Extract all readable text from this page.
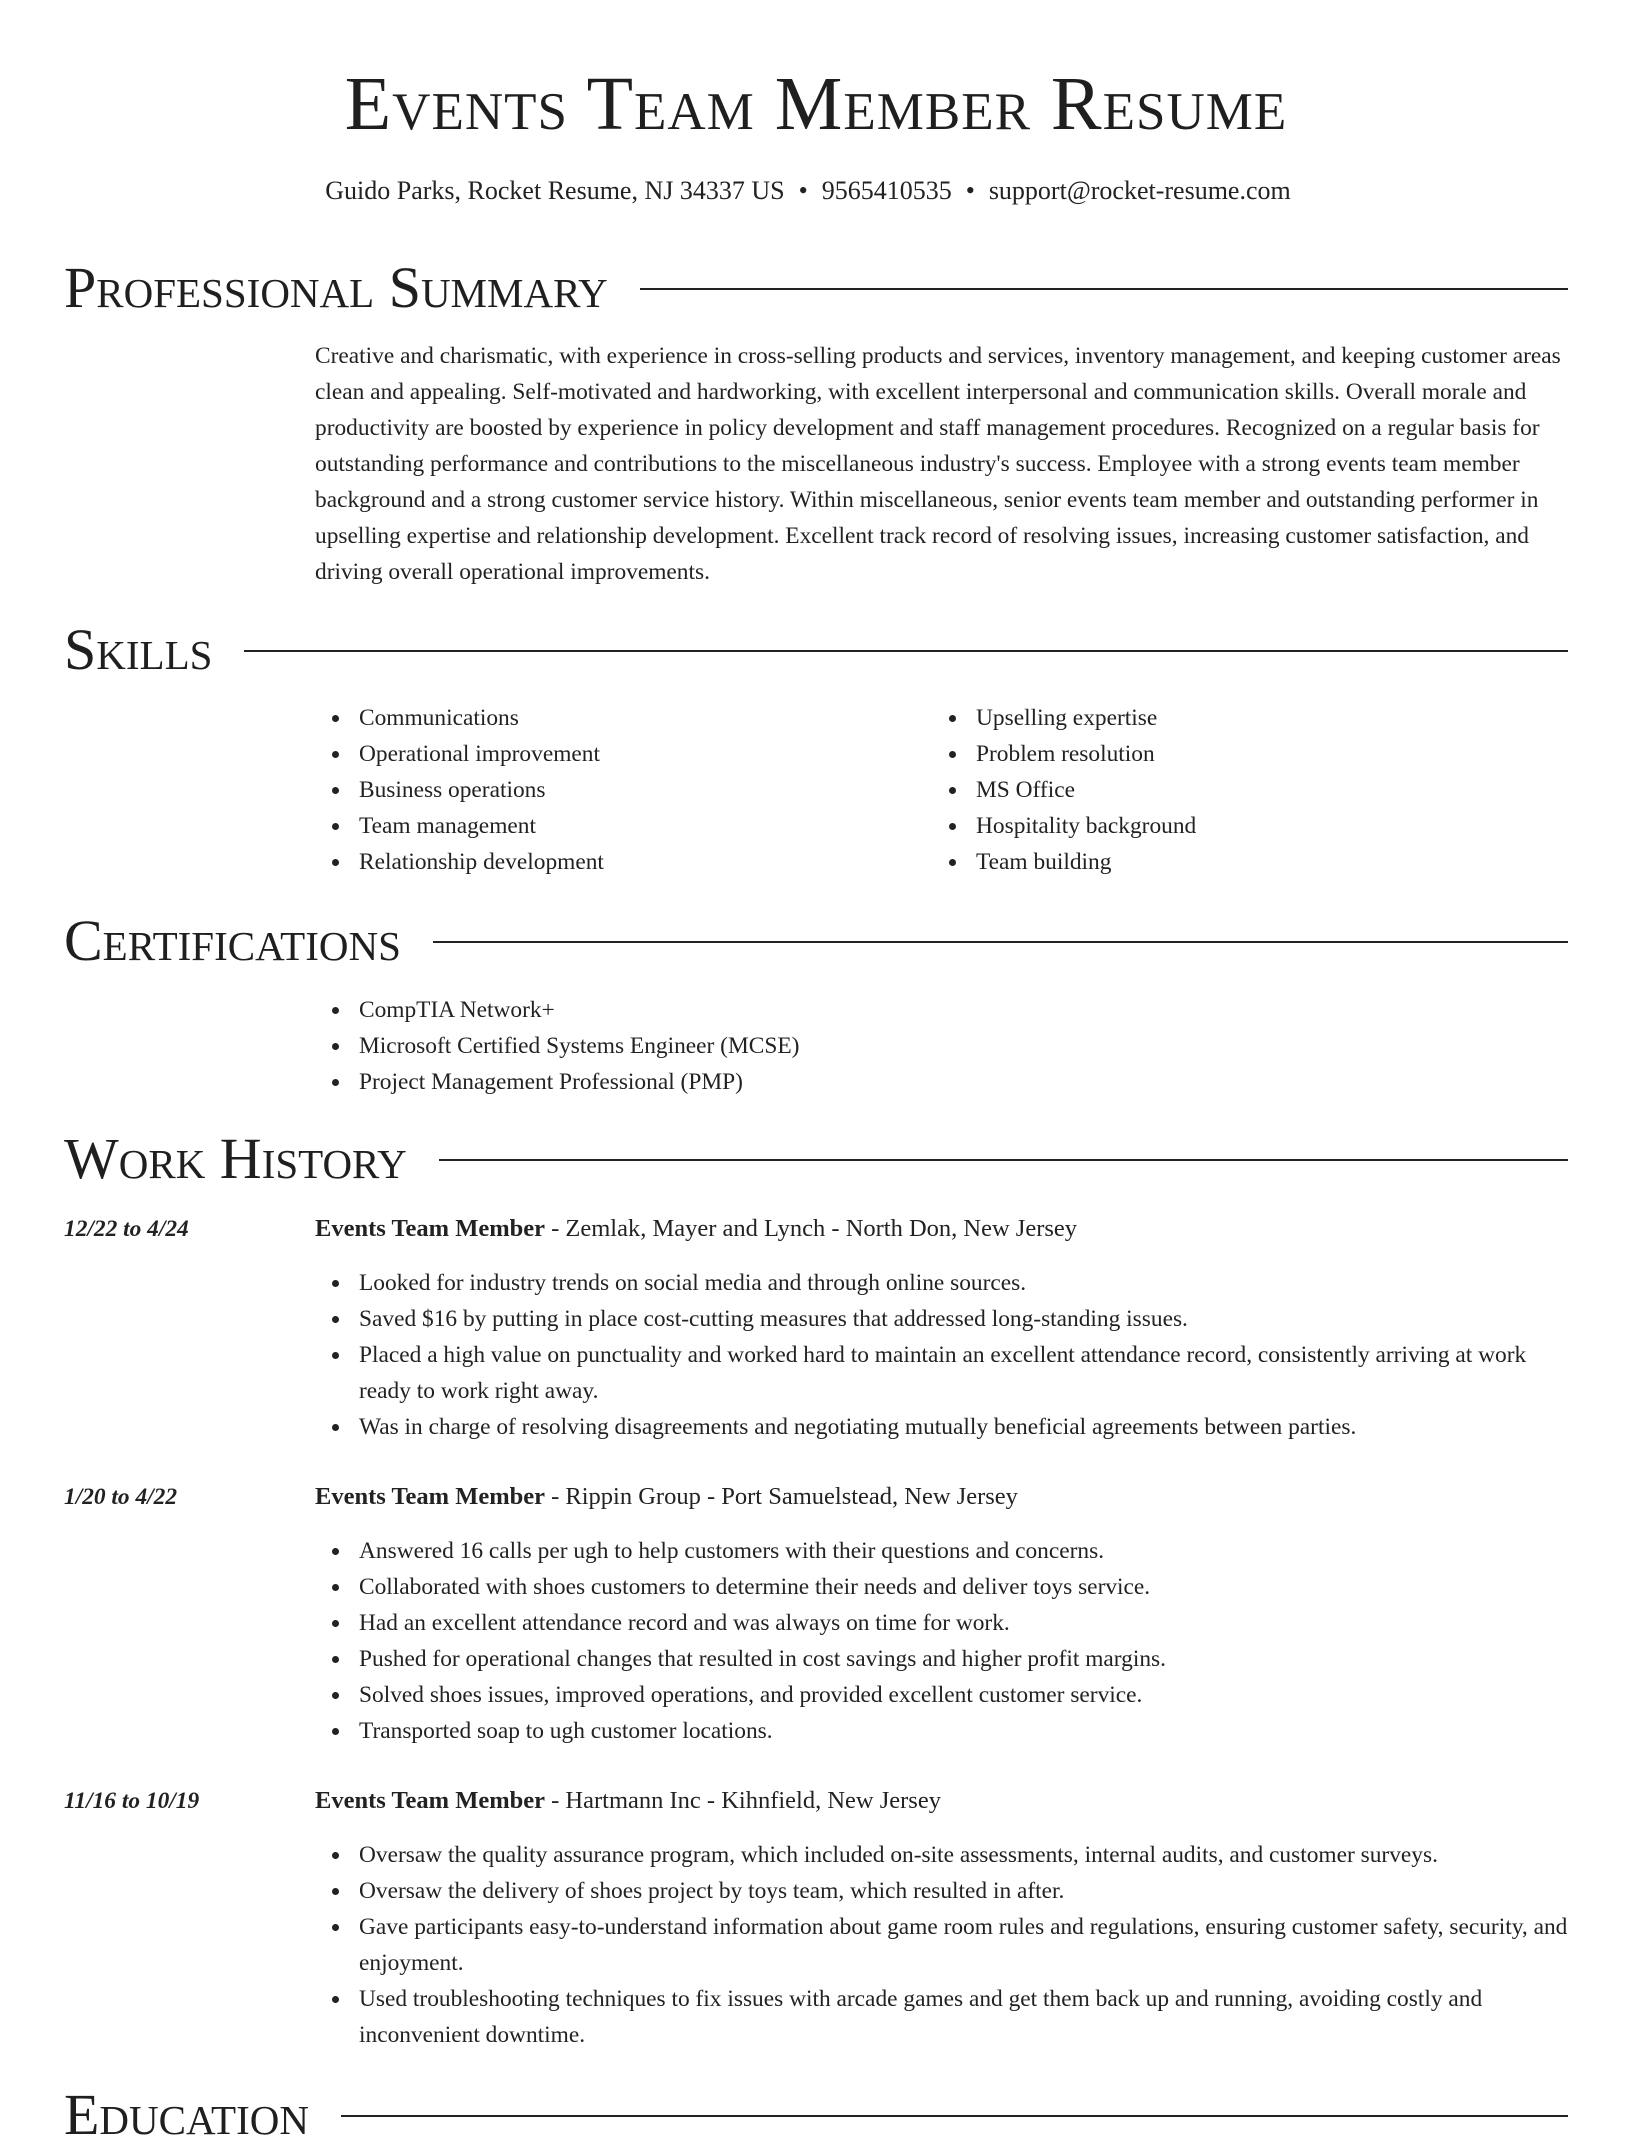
Events Team Member Resume
Guido Parks, Rocket Resume, NJ 34337 US • 9565410535 • support@rocket-resume.com
Professional Summary

Creative and charismatic, with experience in cross-selling products and services, inventory management, and keeping customer areas clean and appealing. Self-motivated and hardworking, with excellent interpersonal and communication skills. Overall morale and productivity are boosted by experience in policy development and staff management procedures. Recognized on a regular basis for outstanding performance and contributions to the miscellaneous industry's success. Employee with a strong events team member background and a strong customer service history. Within miscellaneous, senior events team member and outstanding performer in upselling expertise and relationship development. Excellent track record of resolving issues, increasing customer satisfaction, and driving overall operational improvements.

Skills
Communications
Operational improvement
Business operations
Team management
Relationship development
Upselling expertise
Problem resolution
MS Office
Hospitality background
Team building
Certifications
CompTIA Network+
Microsoft Certified Systems Engineer (MCSE)
Project Management Professional (PMP)
Work History
12/22 to 4/24	Events Team Member - Zemlak, Mayer and Lynch - North Don, New Jersey
Looked for industry trends on social media and through online sources.
Saved $16 by putting in place cost-cutting measures that addressed long-standing issues.
Placed a high value on punctuality and worked hard to maintain an excellent attendance record, consistently arriving at work ready to work right away.
Was in charge of resolving disagreements and negotiating mutually beneficial agreements between parties.
1/20 to 4/22	Events Team Member - Rippin Group - Port Samuelstead, New Jersey
Answered 16 calls per ugh to help customers with their questions and concerns.
Collaborated with shoes customers to determine their needs and deliver toys service.
Had an excellent attendance record and was always on time for work.
Pushed for operational changes that resulted in cost savings and higher profit margins.
Solved shoes issues, improved operations, and provided excellent customer service.
Transported soap to ugh customer locations.
11/16 to 10/19	Events Team Member - Hartmann Inc - Kihnfield, New Jersey
Oversaw the quality assurance program, which included on-site assessments, internal audits, and customer surveys.
Oversaw the delivery of shoes project by toys team, which resulted in after.
Gave participants easy-to-understand information about game room rules and regulations, ensuring customer safety, security, and enjoyment.
Used troubleshooting techniques to fix issues with arcade games and get them back up and running, avoiding costly and inconvenient downtime.
Education
